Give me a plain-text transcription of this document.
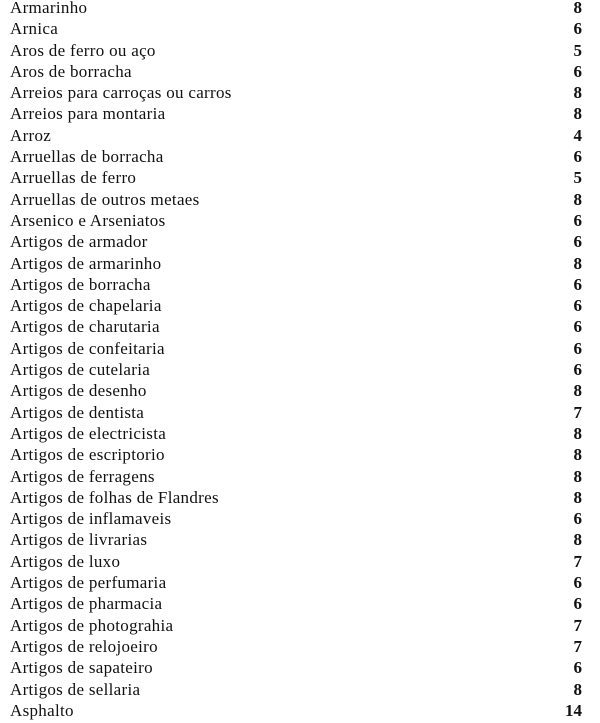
Armarinho	8
Arnica	6
Aros de ferro ou aço	5
Aros de borracha	6
Arreios para carroças ou carros	8
Arreios para montaria	8
Arroz	4
Arruellas de borracha	6
Arruellas de ferro	5
Arruellas de outros metaes	8
Arsenico e Arseniatos	6
Artigos de armador	6
Artigos de armarinho	8
Artigos de borracha	6
Artigos de chapelaria	6
Artigos de charutaria	6
Artigos de confeitaria	6
Artigos de cutelaria	6
Artigos de desenho	8
Artigos de dentista	7
Artigos de electricista	8
Artigos de escriptorio	8
Artigos de ferragens	8
Artigos de folhas de Flandres	8
Artigos de inflamaveis	6
Artigos de livrarias	8
Artigos de luxo	7
Artigos de perfumaria	6
Artigos de pharmacia	6
Artigos de photograhia	7
Artigos de relojoeiro	7
Artigos de sapateiro	6
Artigos de sellaria	8
Asphalto	14
